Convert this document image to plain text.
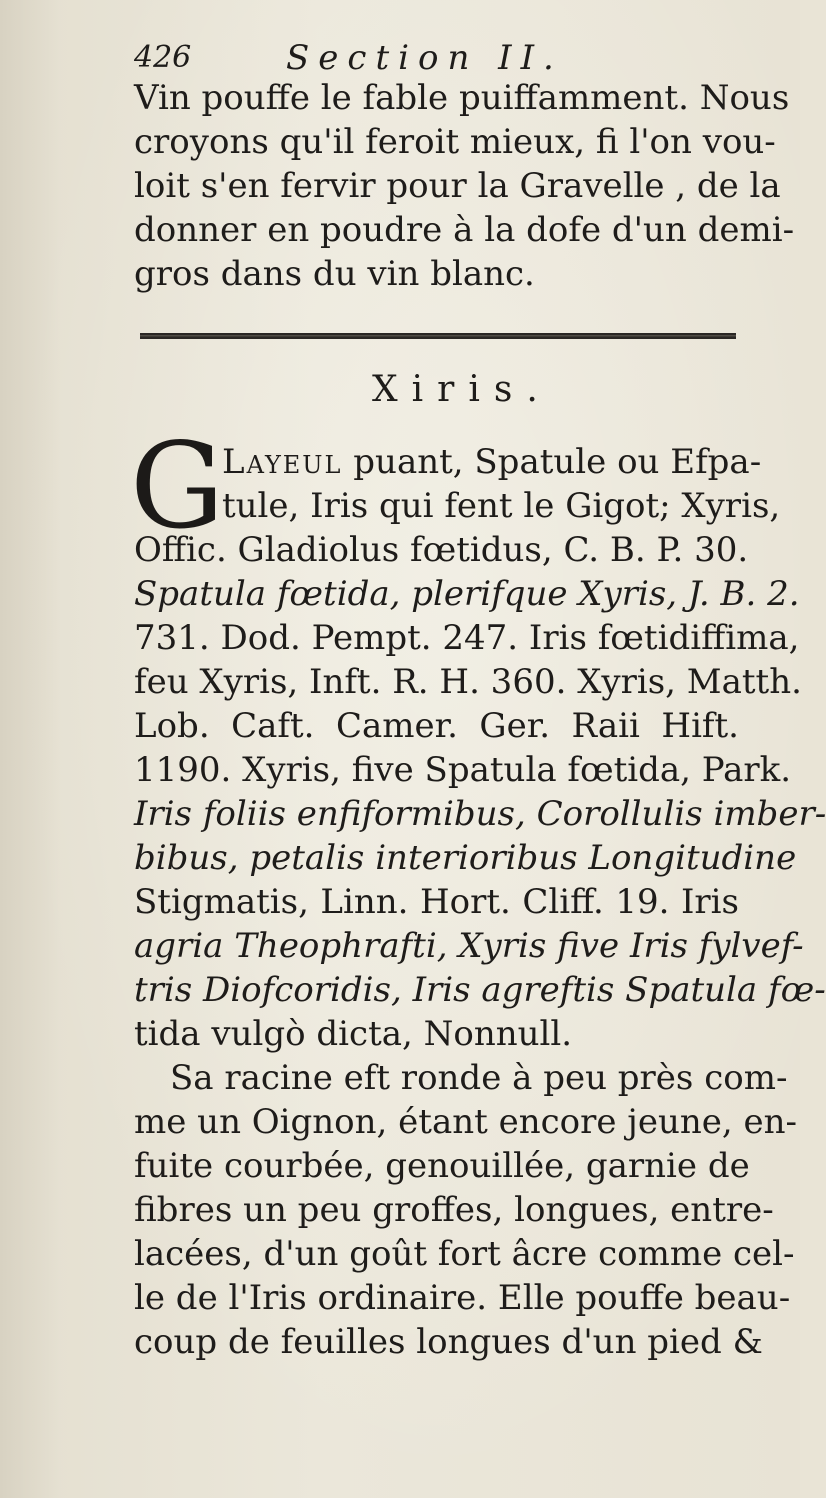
426	Section II.
Vin pouffe le fable puiffamment. Nous
croyons qu'il feroit mieux, fi l'on vou-
loit s'en fervir pour la Gravelle , de la
donner en poudre à la dofe d'un demi-
gros dans du vin blanc.
Xiris.
G
Layeul puant, Spatule ou Efpa-
tule, Iris qui fent le Gigot; Xyris,
Offic. Gladiolus fœtidus, C. B. P. 30.
Spatula fœtida, plerifque Xyris, J. B. 2.
731. Dod. Pempt. 247. Iris fœtidiffima,
feu Xyris, Inft. R. H. 360. Xyris, Matth.
Lob. Caft. Camer. Ger. Raii Hift.
1190. Xyris, five Spatula fœtida, Park.
Iris foliis enfiformibus, Corollulis imber-
bibus, petalis interioribus Longitudine
Stigmatis, Linn. Hort. Cliff. 19. Iris
agria Theophrafti, Xyris five Iris fylvef-
tris Diofcoridis, Iris agreftis Spatula fœ-
tida vulgò dicta, Nonnull.
Sa racine eft ronde à peu près com-
me un Oignon, étant encore jeune, en-
fuite courbée, genouillée, garnie de
fibres un peu groffes, longues, entre-
lacées, d'un goût fort âcre comme cel-
le de l'Iris ordinaire. Elle pouffe beau-
coup de feuilles longues d'un pied &
